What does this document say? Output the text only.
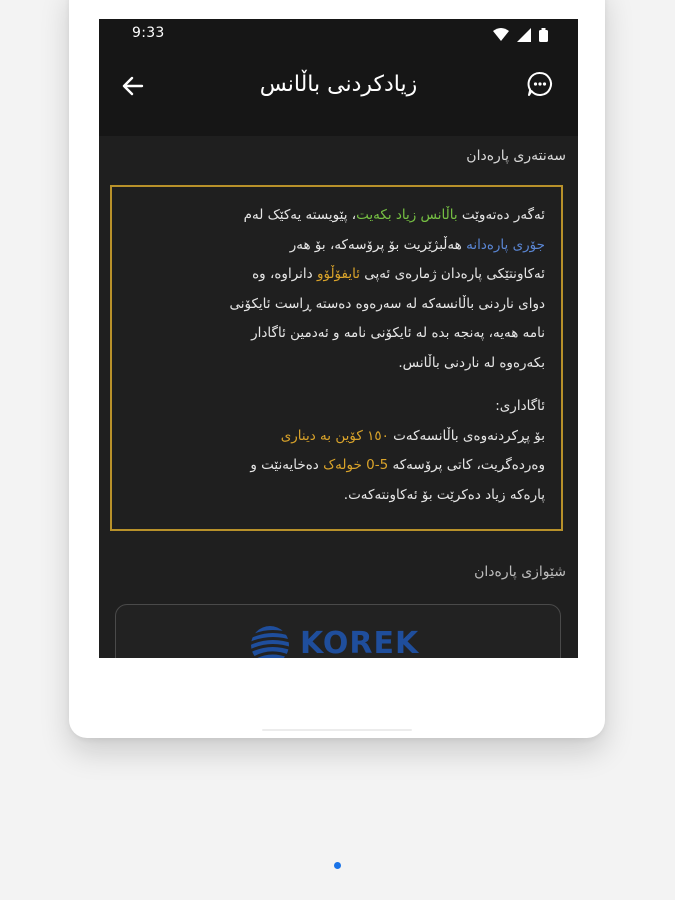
9:33

زیادکردنی باڵانس
سەنتەری پارەدان
ئەگەر دەتەوێت باڵانس زیاد بکەیت، پێویستە یەکێک لەم
جۆری پارەدانە هەڵبژێریت بۆ پرۆسەکە، بۆ هەر
ئەکاونتێکی پارەدان ژمارەی ئەپی ئایفۆڵۆو دانراوە، وە
دوای ناردنی باڵانسەکە لە سەرەوە دەستە ڕاست ئایکۆنی
نامە هەیە، پەنجە بدە لە ئایکۆنی نامە و ئەدمین ئاگادار
بکەرەوە لە ناردنی باڵانس.
ئاگاداری:
بۆ پڕکردنەوەی باڵانسەکەت ١٥٠ کۆین بە دیناری
وەردەگریت، کاتی پرۆسەکە 5-0 خولەک دەخایەنێت و
پارەکە زیاد دەکرێت بۆ ئەکاونتەکەت.
شێوازی پارەدان
KOREK
